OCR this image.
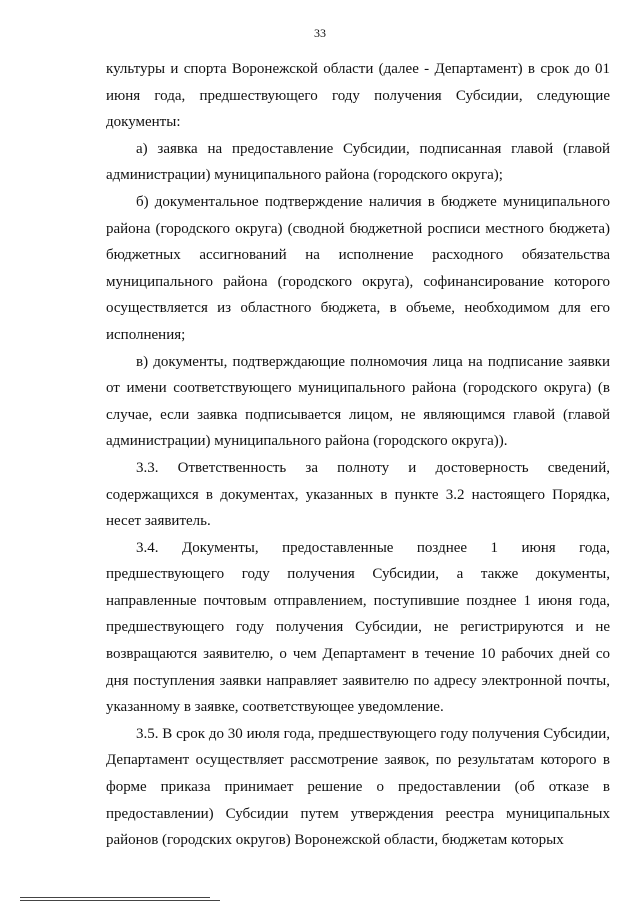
33

культуры и спорта Воронежской области (далее - Департамент) в срок до 01 июня года, предшествующего году получения Субсидии, следующие документы:

а) заявка на предоставление Субсидии, подписанная главой (главой администрации) муниципального района (городского округа);

б) документальное подтверждение наличия в бюджете муниципального района (городского округа) (сводной бюджетной росписи местного бюджета) бюджетных ассигнований на исполнение расходного обязательства муниципального района (городского округа), софинансирование которого осуществляется из областного бюджета, в объеме, необходимом для его исполнения;

в) документы, подтверждающие полномочия лица на подписание заявки от имени соответствующего муниципального района (городского округа) (в случае, если заявка подписывается лицом, не являющимся главой (главой администрации) муниципального района (городского округа)).

3.3. Ответственность за полноту и достоверность сведений, содержащихся в документах, указанных в пункте 3.2 настоящего Порядка, несет заявитель.

3.4. Документы, предоставленные позднее 1 июня года, предшествующего году получения Субсидии, а также документы, направленные почтовым отправлением, поступившие позднее 1 июня года, предшествующего году получения Субсидии, не регистрируются и не возвращаются заявителю, о чем Департамент в течение 10 рабочих дней со дня поступления заявки направляет заявителю по адресу электронной почты, указанному в заявке, соответствующее уведомление.

3.5. В срок до 30 июля года, предшествующего году получения Субсидии, Департамент осуществляет рассмотрение заявок, по результатам которого в форме приказа принимает решение о предоставлении (об отказе в предоставлении) Субсидии путем утверждения реестра муниципальных районов (городских округов) Воронежской области, бюджетам которых
